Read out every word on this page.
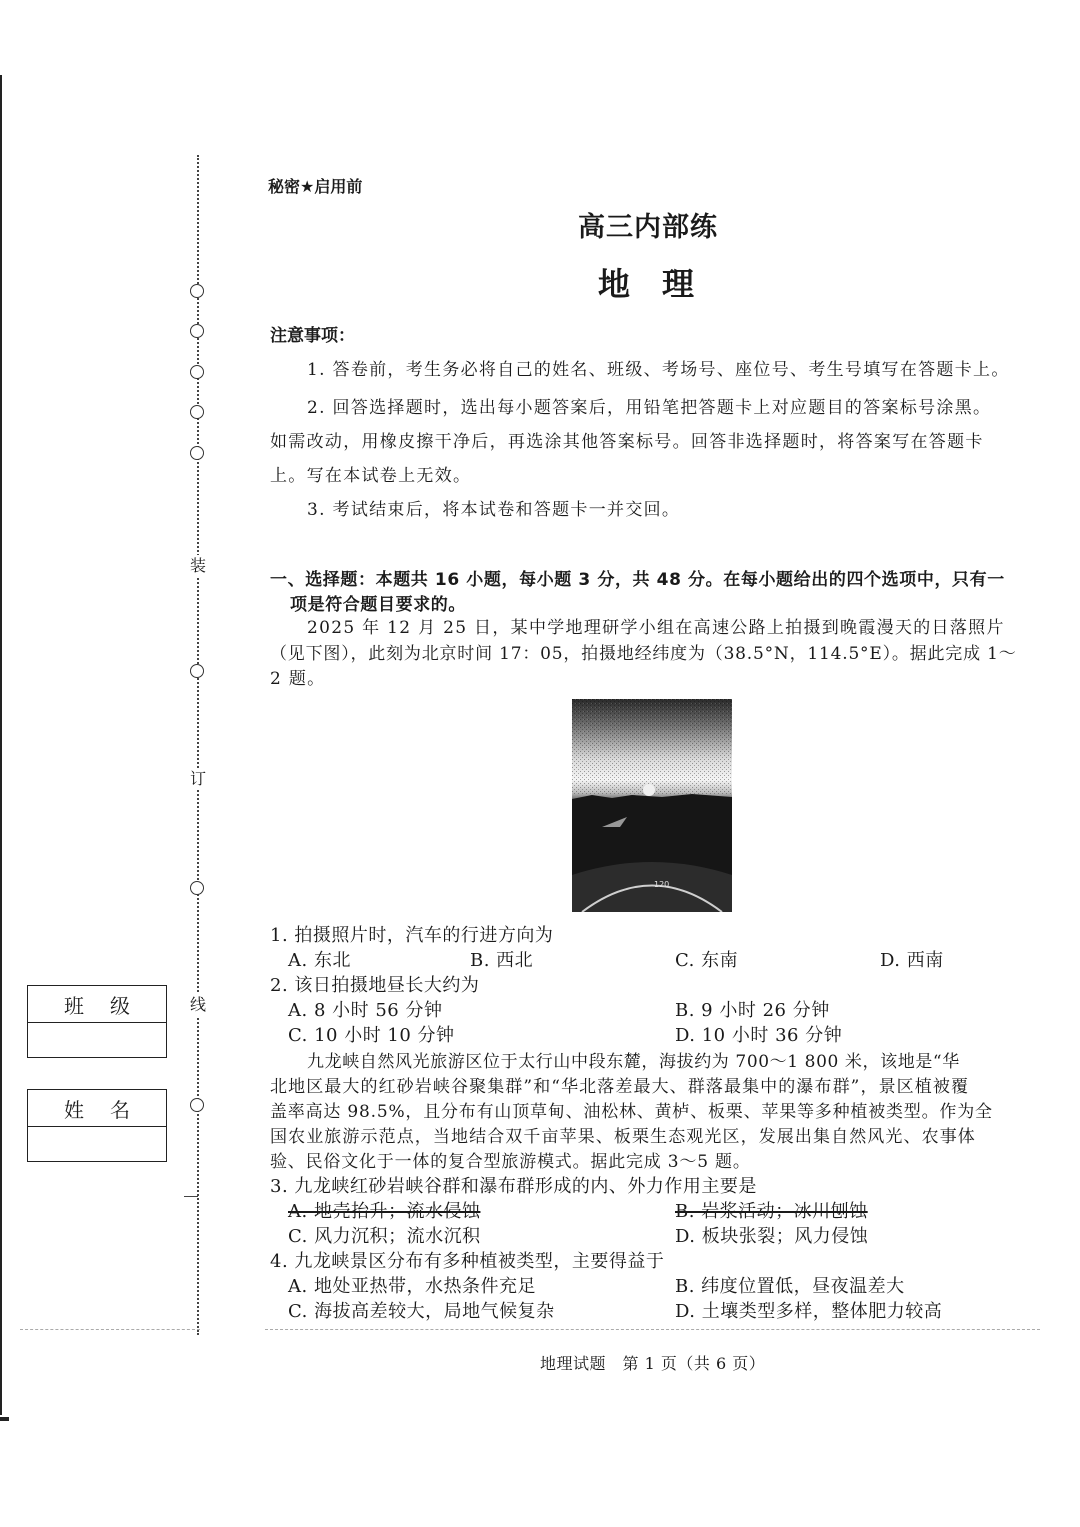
装
订
线
班级
姓名
秘密★启用前
高三内部练
地　理
注意事项：
1. 答卷前，考生务必将自己的姓名、班级、考场号、座位号、考生号填写在答题卡上。
2. 回答选择题时，选出每小题答案后，用铅笔把答题卡上对应题目的答案标号涂黑。
如需改动，用橡皮擦干净后，再选涂其他答案标号。回答非选择题时，将答案写在答题卡
上。写在本试卷上无效。
3. 考试结束后，将本试卷和答题卡一并交回。
一、选择题：本题共 16 小题，每小题 3 分，共 48 分。在每小题给出的四个选项中，只有一
项是符合题目要求的。
2025 年 12 月 25 日，某中学地理研学小组在高速公路上拍摄到晚霞漫天的日落照片
（见下图），此刻为北京时间 17：05，拍摄地经纬度为（38.5°N，114.5°E）。据此完成 1～
2 题。
120
1. 拍摄照片时，汽车的行进方向为
A. 东北	B. 西北	C. 东南	D. 西南
2. 该日拍摄地昼长大约为
A. 8 小时 56 分钟	B. 9 小时 26 分钟
C. 10 小时 10 分钟	D. 10 小时 36 分钟
九龙峡自然风光旅游区位于太行山中段东麓，海拔约为 700～1 800 米，该地是“华
北地区最大的红砂岩峡谷聚集群”和“华北落差最大、群落最集中的瀑布群”，景区植被覆
盖率高达 98.5%，且分布有山顶草甸、油松林、黄栌、板栗、苹果等多种植被类型。作为全
国农业旅游示范点，当地结合双千亩苹果、板栗生态观光区，发展出集自然风光、农事体
验、民俗文化于一体的复合型旅游模式。据此完成 3～5 题。
3. 九龙峡红砂岩峡谷群和瀑布群形成的内、外力作用主要是
A. 地壳抬升；流水侵蚀	B. 岩浆活动；冰川刨蚀
C. 风力沉积；流水沉积	D. 板块张裂；风力侵蚀
4. 九龙峡景区分布有多种植被类型，主要得益于
A. 地处亚热带，水热条件充足	B. 纬度位置低，昼夜温差大
C. 海拔高差较大，局地气候复杂	D. 土壤类型多样，整体肥力较高
地理试题　第 1 页（共 6 页）
